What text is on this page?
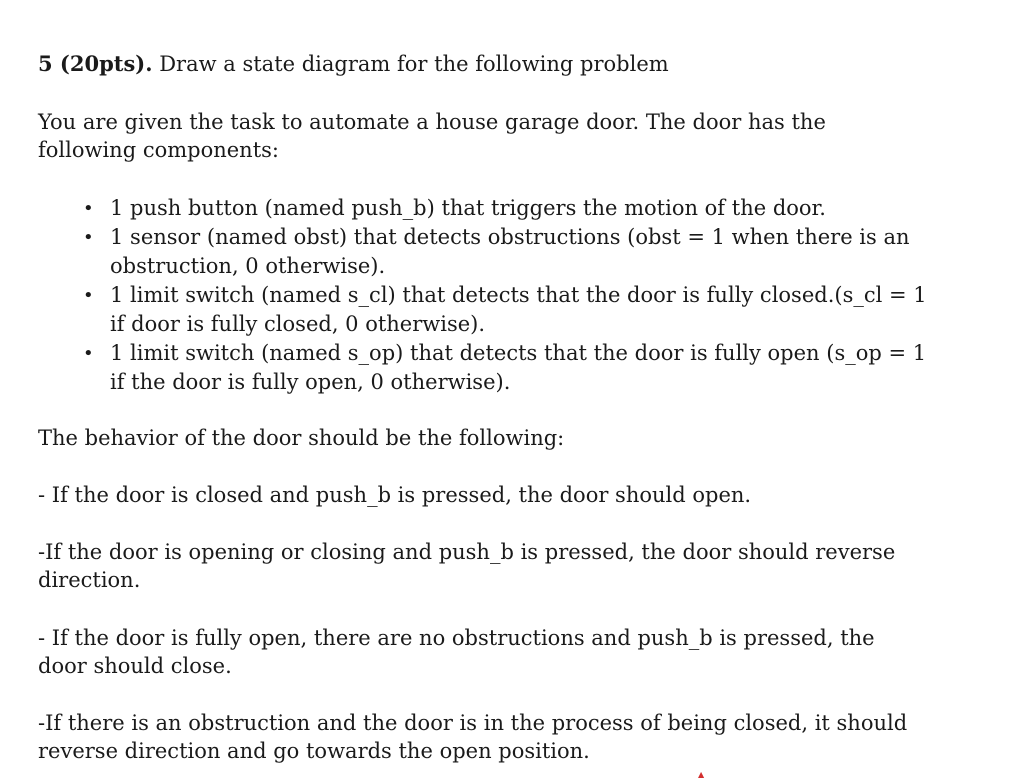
5 (20pts). Draw a state diagram for the following problem
You are given the task to automate a house garage door. The door has the following components:
• 1 push button (named push_b) that triggers the motion of the door.
• 1 sensor (named obst) that detects obstructions (obst = 1 when there is an obstruction, 0 otherwise).
• 1 limit switch (named s_cl) that detects that the door is fully closed.(s_cl = 1 if door is fully closed, 0 otherwise).
• 1 limit switch (named s_op) that detects that the door is fully open (s_op = 1 if the door is fully open, 0 otherwise).
The behavior of the door should be the following:
- If the door is closed and push_b is pressed, the door should open.
-If the door is opening or closing and push_b is pressed, the door should reverse direction.
- If the door is fully open, there are no obstructions and push_b is pressed, the door should close.
-If there is an obstruction and the door is in the process of being closed, it should reverse direction and go towards the open position.
▲
